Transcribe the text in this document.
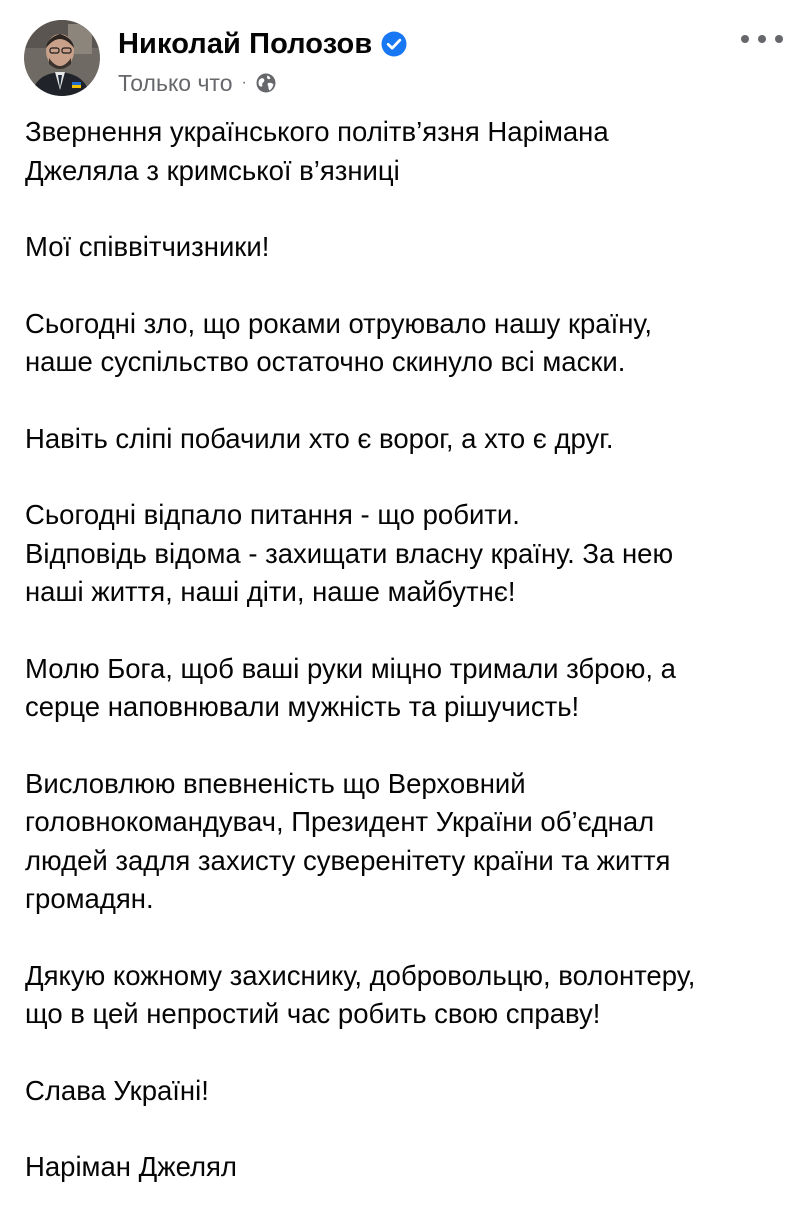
Николай Полозов
Только что ·

Звернення українського політв’язня Нарімана
Джеляла з кримської в’язниці

Мої співвітчизники!

Сьогодні зло, що роками отруювало нашу країну,
наше суспільство остаточно скинуло всі маски.

Навіть сліпі побачили хто є ворог, а хто є друг.

Сьогодні відпало питання - що робити.
Відповідь відома - захищати власну країну. За нею
наші життя, наші діти, наше майбутнє!

Молю Бога, щоб ваші руки міцно тримали зброю, а
серце наповнювали мужність та рішучисть!

Висловлюю впевненість що Верховний
головнокомандувач, Президент України об’єднал
людей задля захисту суверенітету країни та життя
громадян.

Дякую кожному захиснику, добровольцю, волонтеру,
що в цей непростий час робить свою справу!

Слава Україні!

Наріман Джелял
